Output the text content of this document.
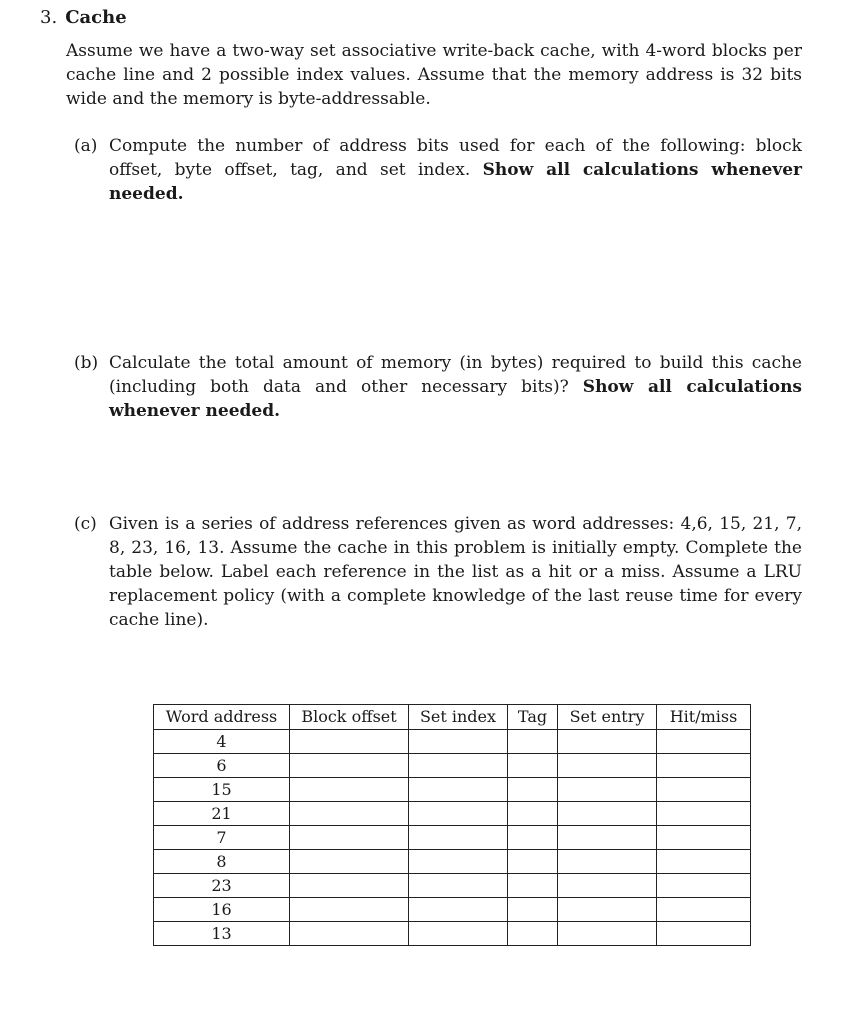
3. Cache
Assume we have a two-way set associative write-back cache, with 4-word blocks per cache line and 2 possible index values. Assume that the memory address is 32 bits wide and the memory is byte-addressable.
(a) Compute the number of address bits used for each of the following: block offset, byte offset, tag, and set index. Show all calculations whenever needed.
(b) Calculate the total amount of memory (in bytes) required to build this cache (including both data and other necessary bits)? Show all calculations whenever needed.
(c) Given is a series of address references given as word addresses: 4,6, 15, 21, 7, 8, 23, 16, 13. Assume the cache in this problem is initially empty. Complete the table below. Label each reference in the list as a hit or a miss. Assume a LRU replacement policy (with a complete knowledge of the last reuse time for every cache line).
Word address	Block offset	Set index	Tag	Set entry	Hit/miss
4					
6					
15					
21					
7					
8					
23					
16					
13					
